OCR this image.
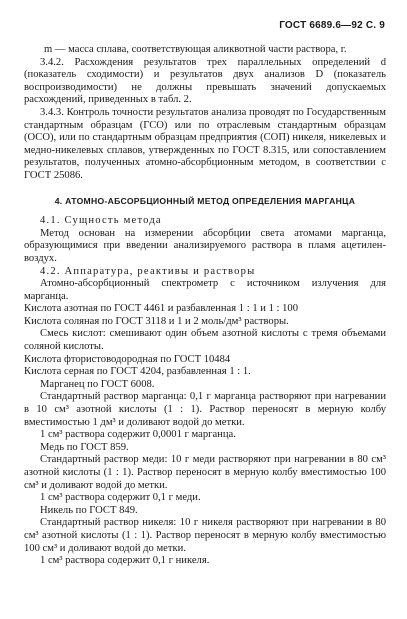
ГОСТ 6689.6—92 С. 9

m — масса сплава, соответствующая аликвотной части раствора, г.

3.4.2. Расхождения результатов трех параллельных определений d (показатель сходимости) и результатов двух анализов D (показатель воспроизводимости) не должны превышать значений допускаемых расхождений, приведенных в табл. 2.

3.4.3. Контроль точности результатов анализа проводят по Государственным стандартным образцам (ГСО) или по отраслевым стандартным образцам (ОСО), или по стандартным образцам предприятия (СОП) никеля, никелевых и медно-никелевых сплавов, утвержденных по ГОСТ 8.315, или сопоставлением результатов, полученных атомно-абсорбционным методом, в соответствии с ГОСТ 25086.

4. АТОМНО-АБСОРБЦИОННЫЙ МЕТОД ОПРЕДЕЛЕНИЯ МАРГАНЦА

4.1. Сущность метода

Метод основан на измерении абсорбции света атомами марганца, образующимися при введении анализируемого раствора в пламя ацетилен-воздух.

4.2. Аппаратура, реактивы и растворы

Атомно-абсорбционный спектрометр с источником излучения для марганца.

Кислота азотная по ГОСТ 4461 и разбавленная 1 : 1 и 1 : 100

Кислота соляная по ГОСТ 3118 и 1 и 2 моль/дм³ растворы.

Смесь кислот: смешивают один объем азотной кислоты с тремя объемами соляной кислоты.

Кислота фтористоводородная по ГОСТ 10484

Кислота серная по ГОСТ 4204, разбавленная 1 : 1.

Марганец по ГОСТ 6008.

Стандартный раствор марганца: 0,1 г марганца растворяют при нагревании в 10 см³ азотной кислоты (1 : 1). Раствор переносят в мерную колбу вместимостью 1 дм³ и доливают водой до метки.

1 см³ раствора содержит 0,0001 г марганца.

Медь по ГОСТ 859.

Стандартный раствор меди: 10 г меди растворяют при нагревании в 80 см³ азотной кислоты (1 : 1). Раствор переносят в мерную колбу вместимостью 100 см³ и доливают водой до метки.

1 см³ раствора содержит 0,1 г меди.

Никель по ГОСТ 849.

Стандартный раствор никеля: 10 г никеля растворяют при нагревании в 80 см³ азотной кислоты (1 : 1). Раствор переносят в мерную колбу вместимостью 100 см³ и доливают водой до метки.

1 см³ раствора содержит 0,1 г никеля.
